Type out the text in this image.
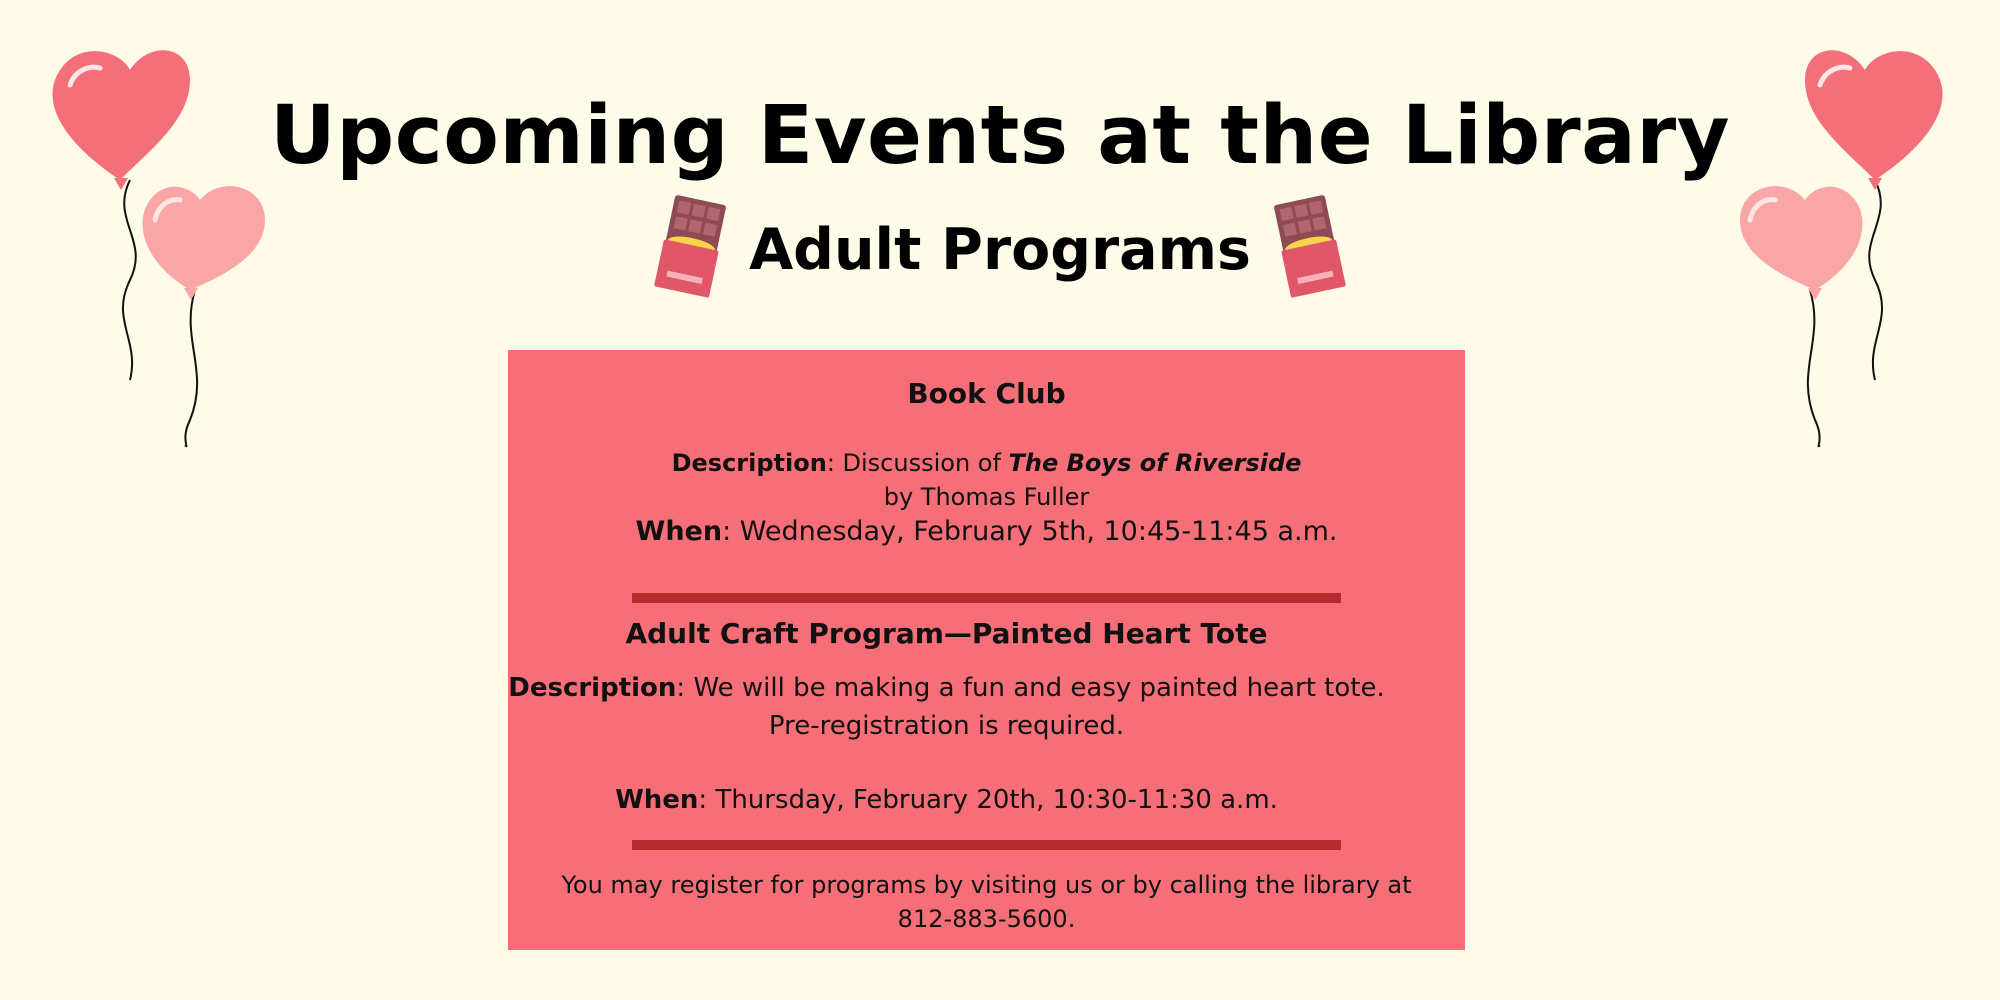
Upcoming Events at the Library
Adult Programs
Book Club
Description: Discussion of The Boys of Riverside
by Thomas Fuller
When: Wednesday, February 5th, 10:45-11:45 a.m.
Adult Craft Program—Painted Heart Tote
Description: We will be making a fun and easy painted heart tote.
Pre-registration is required.
When: Thursday, February 20th, 10:30-11:30 a.m.
You may register for programs by visiting us or by calling the library at
812-883-5600.
